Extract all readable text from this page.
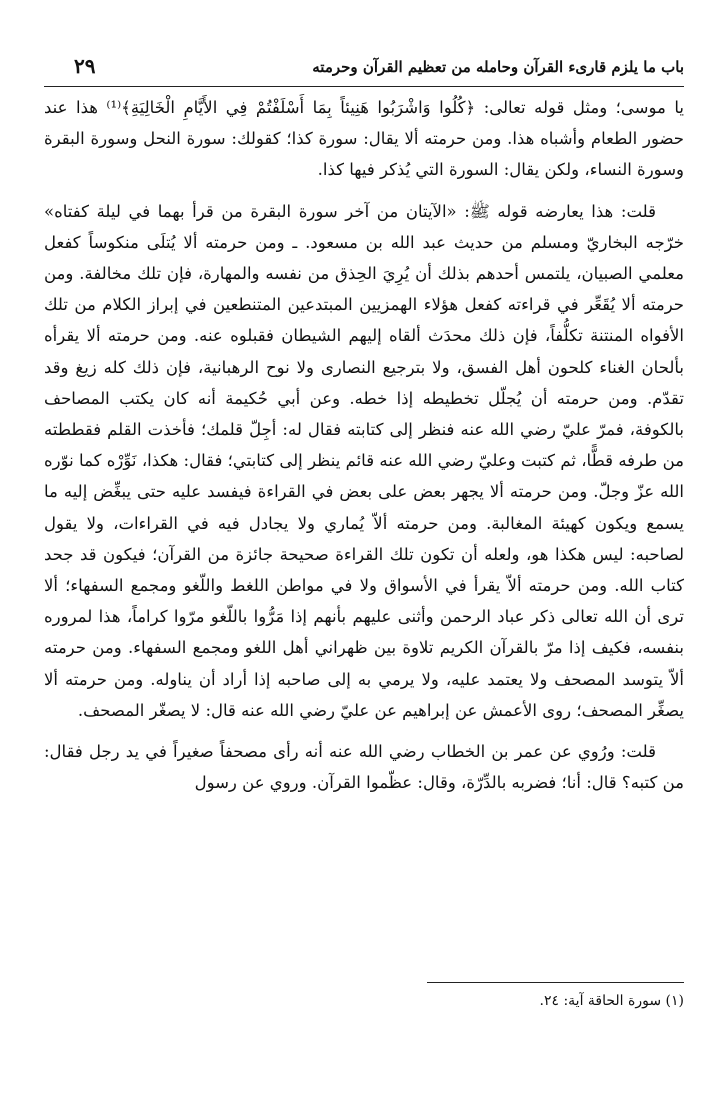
٢٩	باب ما يلزم قارىء القرآن وحامله من تعظيم القرآن وحرمته

يا موسى؛ ومثل قوله تعالى: ﴿كُلُوا وَاشْرَبُوا هَنِيئاً بِمَا أَسْلَفْتُمْ فِي الأَيَّامِ الْخَالِيَةِ﴾⁽¹⁾ هذا عند حضور الطعام وأشباه هذا. ومن حرمته ألا يقال: سورة كذا؛ كقولك: سورة النحل وسورة البقرة وسورة النساء، ولكن يقال: السورة التي يُذكر فيها كذا.

قلت: هذا يعارضه قوله ﷺ: «الآيتان من آخر سورة البقرة من قرأ بهما في ليلة كفتاه» خرّجه البخاريّ ومسلم من حديث عبد الله بن مسعود. ـ ومن حرمته ألا يُتلَى منكوساً كفعل معلمي الصبيان، يلتمس أحدهم بذلك أن يُرِيَ الحِذق من نفسه والمهارة، فإن تلك مخالفة. ومن حرمته ألا يُقَعِّر في قراءته كفعل هؤلاء الهمزيين المبتدعين المتنطعين في إبراز الكلام من تلك الأفواه المنتنة تكلُّفاً، فإن ذلك محدَث ألقاه إليهم الشيطان فقبلوه عنه. ومن حرمته ألا يقرأه بألحان الغناء كلحون أهل الفسق، ولا بترجيع النصارى ولا نوح الرهبانية، فإن ذلك كله زيغ وقد تقدّم. ومن حرمته أن يُجلّل تخطيطه إذا خطه. وعن أبي حُكيمة أنه كان يكتب المصاحف بالكوفة، فمرّ عليّ رضي الله عنه فنظر إلى كتابته فقال له: أجِلّ قلمك؛ فأخذت القلم فقططته من طرفه قطًّا، ثم كتبت وعليّ رضي الله عنه قائم ينظر إلى كتابتي؛ فقال: هكذا، نَوِّرْه كما نوّره الله عزّ وجلّ. ومن حرمته ألا يجهر بعض على بعض في القراءة فيفسد عليه حتى يبغِّض إليه ما يسمع ويكون كهيئة المغالبة. ومن حرمته ألاّ يُماري ولا يجادل فيه في القراءات، ولا يقول لصاحبه: ليس هكذا هو، ولعله أن تكون تلك القراءة صحيحة جائزة من القرآن؛ فيكون قد جحد كتاب الله. ومن حرمته ألاّ يقرأ في الأسواق ولا في مواطن اللغط واللّغو ومجمع السفهاء؛ ألا ترى أن الله تعالى ذكر عباد الرحمن وأثنى عليهم بأنهم إذا مَرُّوا باللّغو مرّوا كراماً، هذا لمروره بنفسه، فكيف إذا مرّ بالقرآن الكريم تلاوة بين ظهراني أهل اللغو ومجمع السفهاء. ومن حرمته ألاّ يتوسد المصحف ولا يعتمد عليه، ولا يرمي به إلى صاحبه إذا أراد أن يناوله. ومن حرمته ألا يصغِّر المصحف؛ روى الأعمش عن إبراهيم عن عليّ رضي الله عنه قال: لا يصغّر المصحف.

قلت: ورُوي عن عمر بن الخطاب رضي الله عنه أنه رأى مصحفاً صغيراً في يد رجل فقال: من كتبه؟ قال: أنا؛ فضربه بالدِّرّة، وقال: عظّموا القرآن. وروي عن رسول

(١) سورة الحاقة آية: ٢٤.
